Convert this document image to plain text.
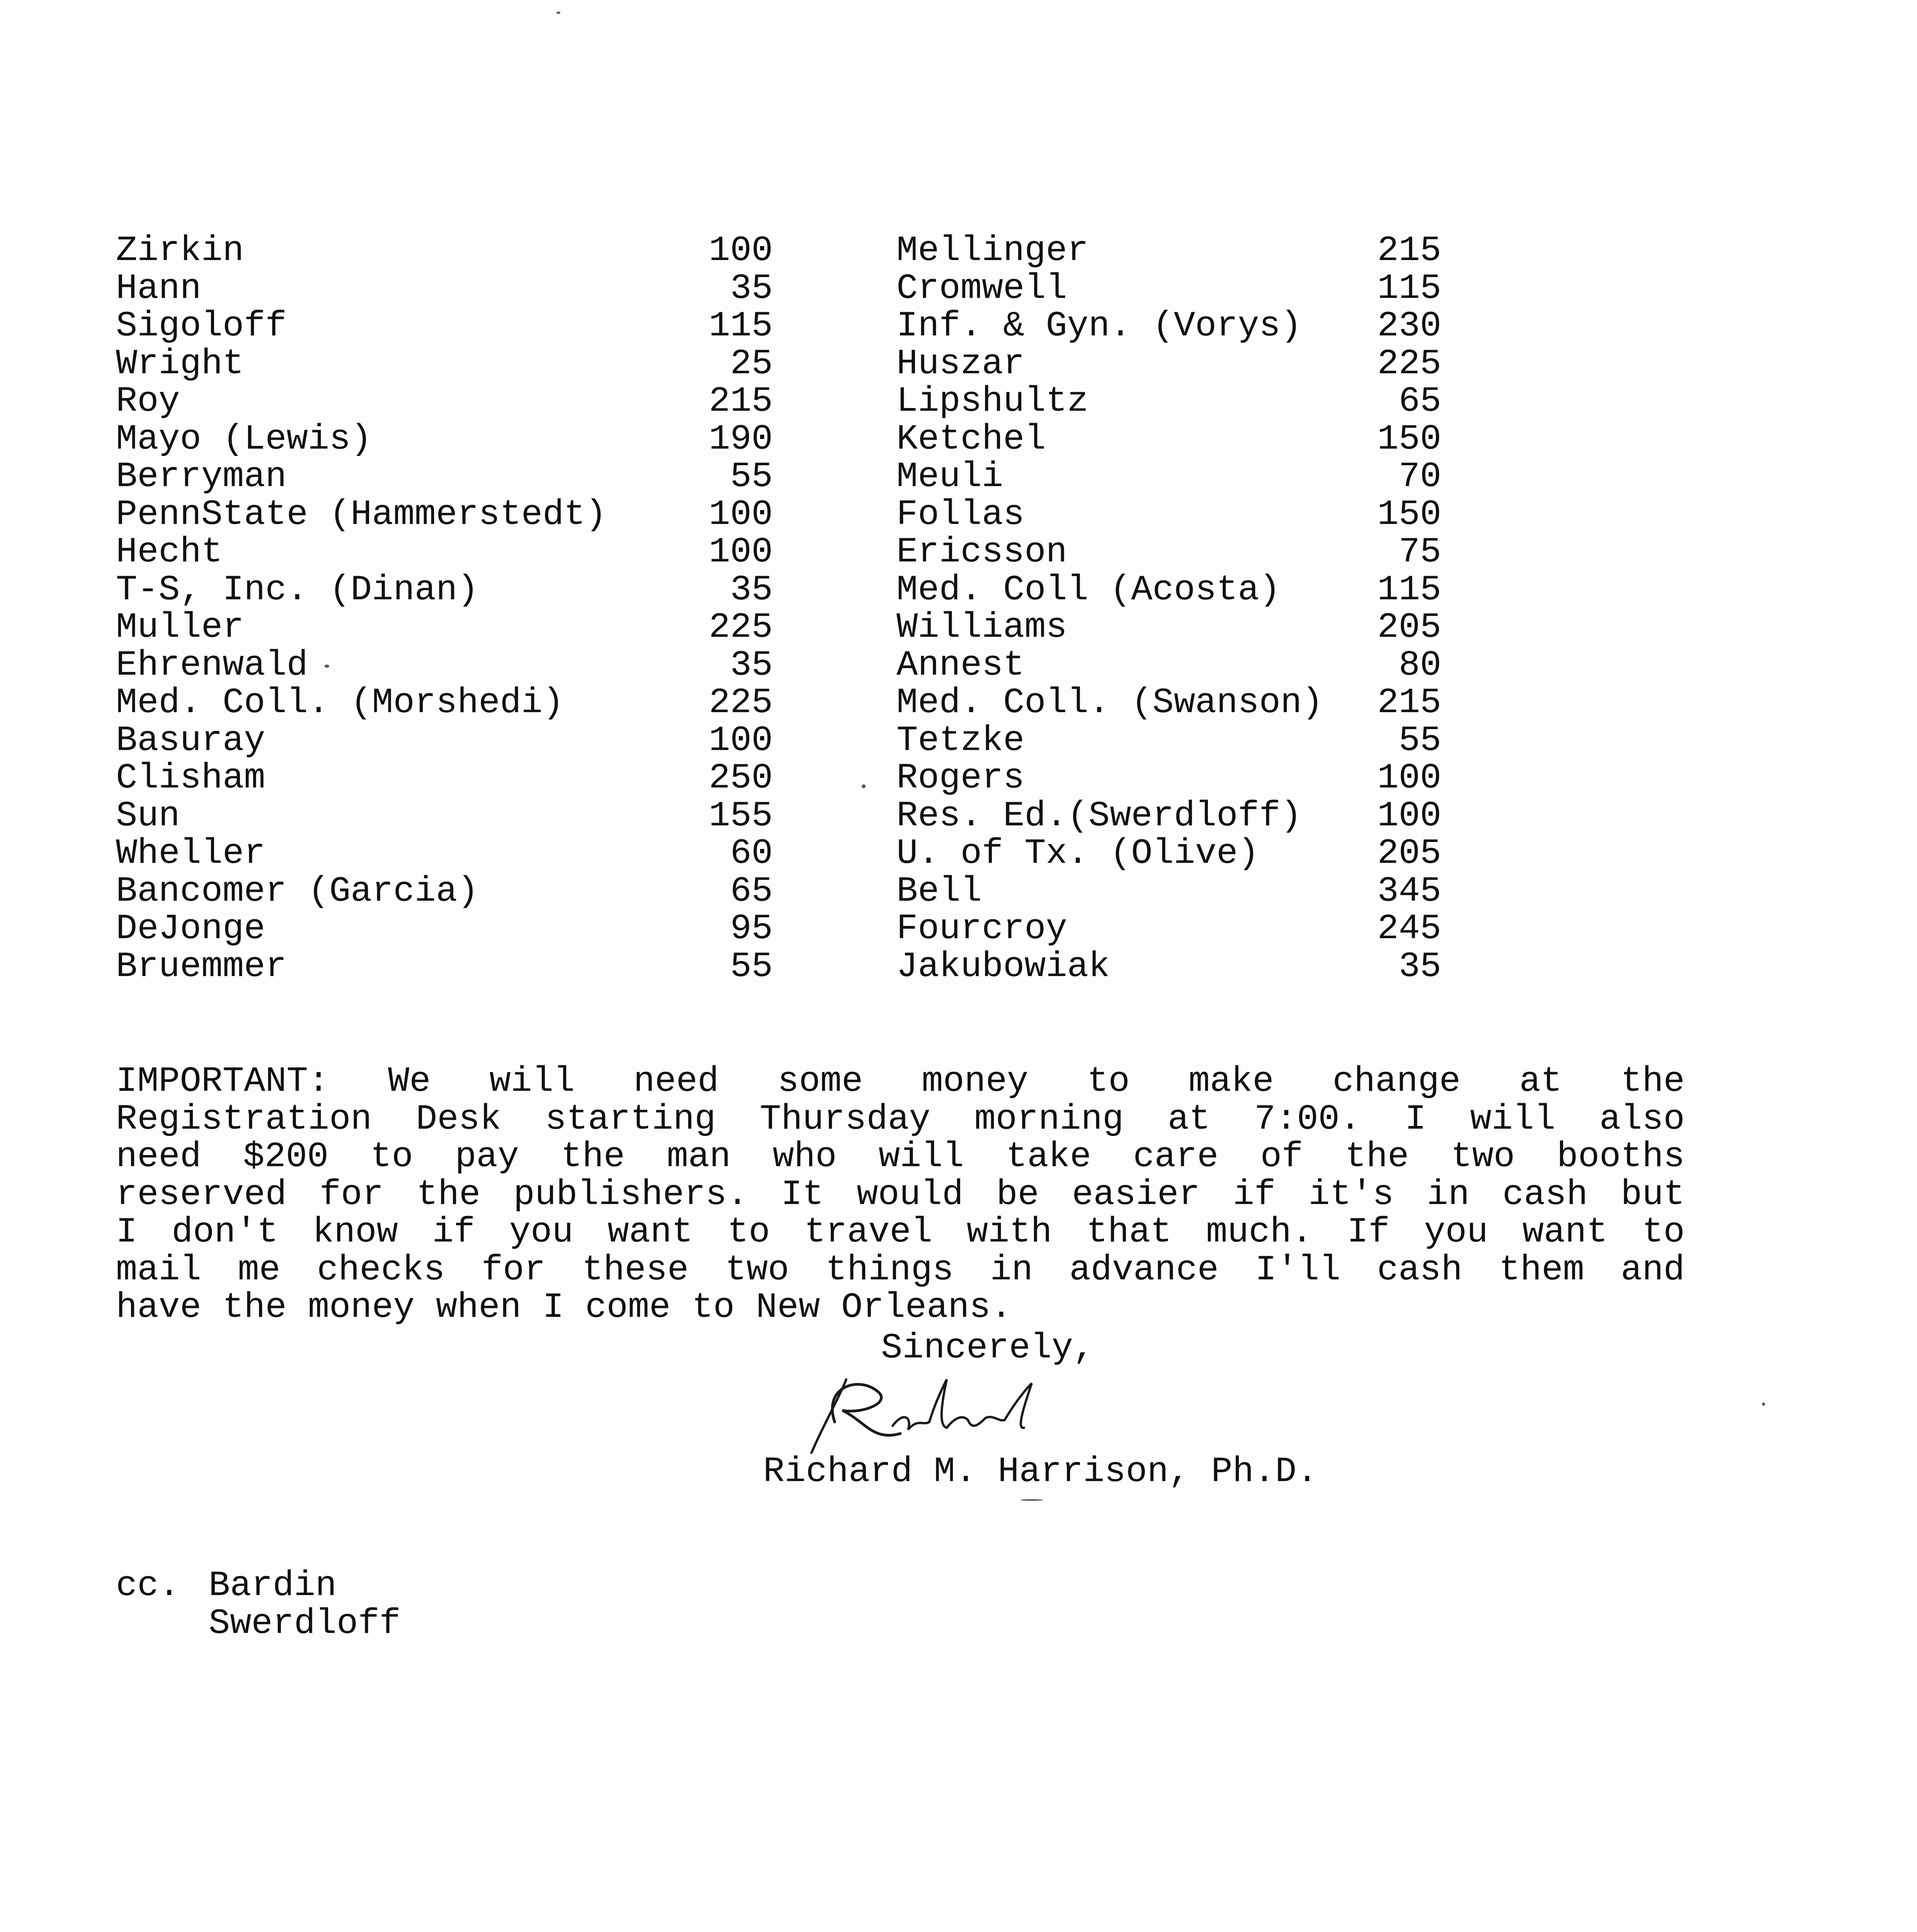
Zirkin	100
Hann	35
Sigoloff	115
Wright	25
Roy	215
Mayo (Lewis)	190
Berryman	55
PennState (Hammerstedt)	100
Hecht	100
T-S, Inc. (Dinan)	35
Muller	225
Ehrenwald	35
Med. Coll. (Morshedi)	225
Basuray	100
Clisham	250
Sun	155
Wheller	60
Bancomer (Garcia)	65
DeJonge	95
Bruemmer	55
Mellinger	215
Cromwell	115
Inf. & Gyn. (Vorys) 230
Huszar	225
Lipshultz	65
Ketchel	150
Meuli	70
Follas	150
Ericsson	75
Med. Coll (Acosta)	115
Williams	205
Annest	80
Med. Coll. (Swanson) 215
Tetzke	55
Rogers	100
Res. Ed.(Swerdloff) 100
U. of Tx. (Olive)	205
Bell	345
Fourcroy	245
Jakubowiak	35
IMPORTANT: We will need some money to make change at the
Registration Desk starting Thursday morning at 7:00. I will also
need $200 to pay the man who will take care of the two booths
reserved for the publishers. It would be easier if it's in cash but
I don't know if you want to travel with that much. If you want to
mail me checks for these two things in advance I'll cash them and
have the money when I come to New Orleans.
Sincerely,
Richard M. Harrison, Ph.D.

cc.

Bardin

Swerdloff
